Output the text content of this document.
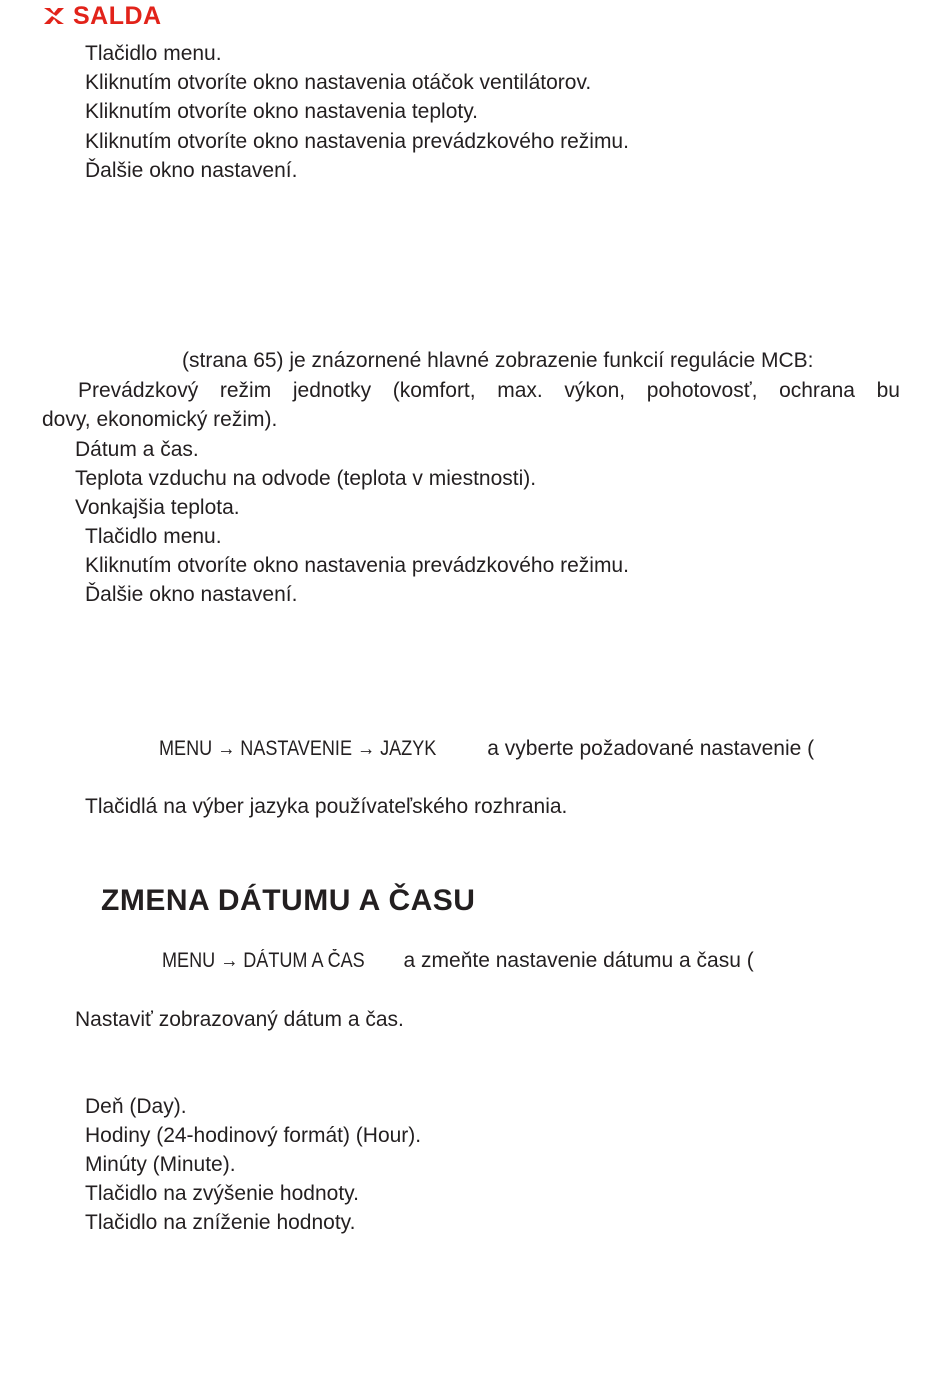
SALDA
Tlačidlo menu.
Kliknutím otvoríte okno nastavenia otáčok ventilátorov.
Kliknutím otvoríte okno nastavenia teploty.
Kliknutím otvoríte okno nastavenia prevádzkového režimu.
Ďalšie okno nastavení.
(strana 65) je znázornené hlavné zobrazenie funkcií regulácie MCB:
Prevádzkový režim jednotky (komfort, max. výkon, pohotovosť, ochrana bu
dovy, ekonomický režim).
Dátum a čas.
Teplota vzduchu na odvode (teplota v miestnosti).
Vonkajšia teplota.
Tlačidlo menu.
Kliknutím otvoríte okno nastavenia prevádzkového režimu.
Ďalšie okno nastavení.
MENU → NASTAVENIE → JAZYK a vyberte požadované nastavenie (
Tlačidlá na výber jazyka používateľského rozhrania.
ZMENA DÁTUMU A ČASU
MENU → DÁTUM A ČAS a zmeňte nastavenie dátumu a času (
Nastaviť zobrazovaný dátum a čas.
Deň (Day).
Hodiny (24-hodinový formát) (Hour).
Minúty (Minute).
Tlačidlo na zvýšenie hodnoty.
Tlačidlo na zníženie hodnoty.
